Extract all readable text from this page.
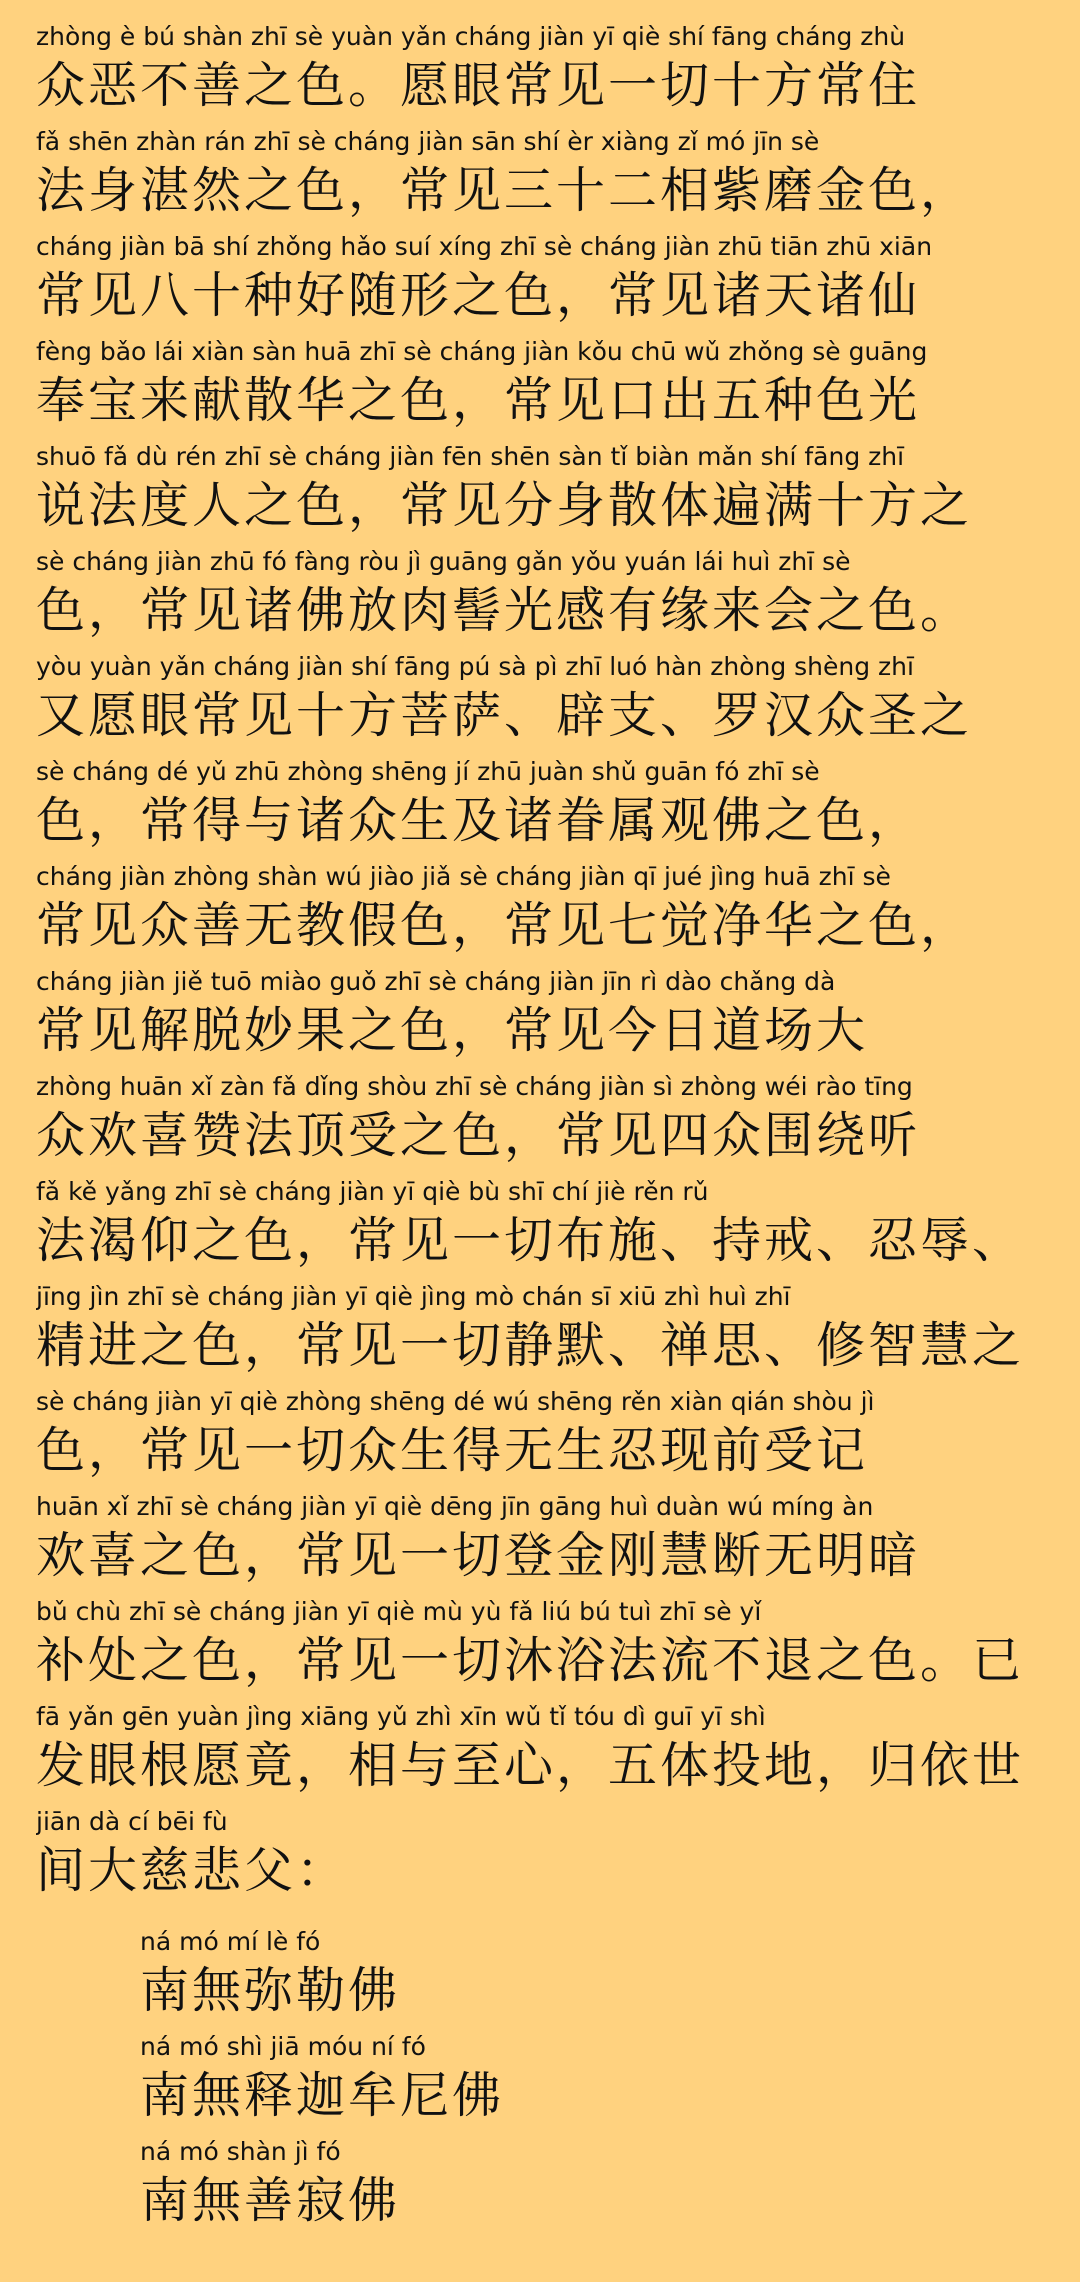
zhòng è bú shàn zhī sè yuàn yǎn cháng jiàn yī qiè shí fāng cháng zhù
众恶不善之色。愿眼常见一切十方常住
fǎ shēn zhàn rán zhī sè cháng jiàn sān shí èr xiàng zǐ mó jīn sè
法身湛然之色，常见三十二相紫磨金色，
cháng jiàn bā shí zhǒng hǎo suí xíng zhī sè cháng jiàn zhū tiān zhū xiān
常见八十种好随形之色，常见诸天诸仙
fèng bǎo lái xiàn sàn huā zhī sè cháng jiàn kǒu chū wǔ zhǒng sè guāng
奉宝来献散华之色，常见口出五种色光
shuō fǎ dù rén zhī sè cháng jiàn fēn shēn sàn tǐ biàn mǎn shí fāng zhī
说法度人之色，常见分身散体遍满十方之
sè cháng jiàn zhū fó fàng ròu jì guāng gǎn yǒu yuán lái huì zhī sè
色，常见诸佛放肉髻光感有缘来会之色。
yòu yuàn yǎn cháng jiàn shí fāng pú sà pì zhī luó hàn zhòng shèng zhī
又愿眼常见十方菩萨、辟支、罗汉众圣之
sè cháng dé yǔ zhū zhòng shēng jí zhū juàn shǔ guān fó zhī sè
色，常得与诸众生及诸眷属观佛之色，
cháng jiàn zhòng shàn wú jiào jiǎ sè cháng jiàn qī jué jìng huā zhī sè
常见众善无教假色，常见七觉净华之色，
cháng jiàn jiě tuō miào guǒ zhī sè cháng jiàn jīn rì dào chǎng dà
常见解脱妙果之色，常见今日道场大
zhòng huān xǐ zàn fǎ dǐng shòu zhī sè cháng jiàn sì zhòng wéi rào tīng
众欢喜赞法顶受之色，常见四众围绕听
fǎ kě yǎng zhī sè cháng jiàn yī qiè bù shī chí jiè rěn rǔ
法渴仰之色，常见一切布施、持戒、忍辱、
jīng jìn zhī sè cháng jiàn yī qiè jìng mò chán sī xiū zhì huì zhī
精进之色，常见一切静默、禅思、修智慧之
sè cháng jiàn yī qiè zhòng shēng dé wú shēng rěn xiàn qián shòu jì
色，常见一切众生得无生忍现前受记
huān xǐ zhī sè cháng jiàn yī qiè dēng jīn gāng huì duàn wú míng àn
欢喜之色，常见一切登金刚慧断无明暗
bǔ chù zhī sè cháng jiàn yī qiè mù yù fǎ liú bú tuì zhī sè yǐ
补处之色，常见一切沐浴法流不退之色。已
fā yǎn gēn yuàn jìng xiāng yǔ zhì xīn wǔ tǐ tóu dì guī yī shì
发眼根愿竟，相与至心，五体投地，归依世
jiān dà cí bēi fù
间大慈悲父：
ná mó mí lè fó
南無弥勒佛
ná mó shì jiā móu ní fó
南無释迦牟尼佛
ná mó shàn jì fó
南無善寂佛
